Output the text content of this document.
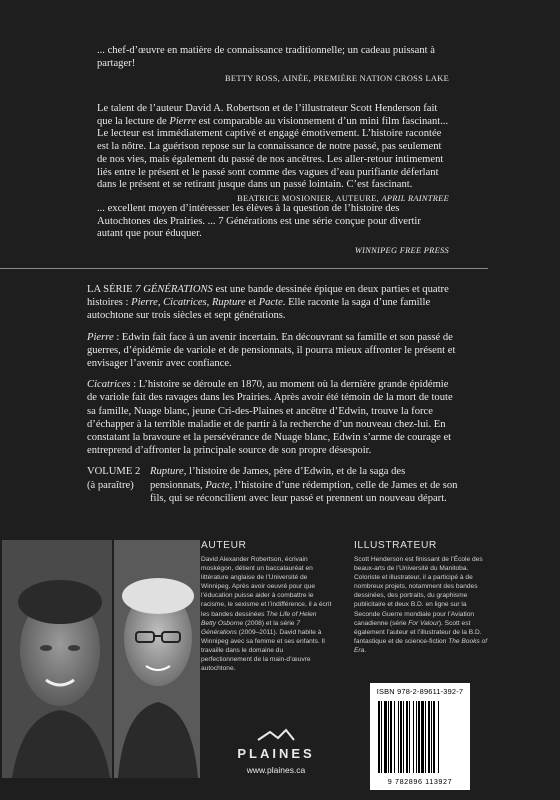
... chef-d’œuvre en matière de connaissance traditionnelle; un cadeau puissant à partager!

BETTY ROSS, AINÉE, PREMIÈRE NATION CROSS LAKE

Le talent de l’auteur David A. Robertson et de l’illustrateur Scott Henderson fait que la lecture de Pierre est comparable au visionnement d’un mini film fascinant... Le lecteur est immédiatement captivé et engagé émotivement. L’histoire racontée est la nôtre. La guérison repose sur la connaissance de notre passé, pas seulement de nos vies, mais également du passé de nos ancêtres. Les aller-retour intimement liés entre le présent et le passé sont comme des vagues d’eau purifiante déferlant dans le présent et se retirant jusque dans un passé lointain. C’est fascinant.

BEATRICE MOSIONIER, AUTEURE, APRIL RAINTREE

... excellent moyen d’intéresser les élèves à la question de l’histoire des Autochtones des Prairies. ... 7 Générations est une série conçue pour divertir autant que pour éduquer.

WINNIPEG FREE PRESS

LA SÉRIE 7 GÉNÉRATIONS est une bande dessinée épique en deux parties et quatre histoires : Pierre, Cicatrices, Rupture et Pacte. Elle raconte la saga d’une famille autochtone sur trois siècles et sept générations.

Pierre : Edwin fait face à un avenir incertain. En découvrant sa famille et son passé de guerres, d’épidémie de variole et de pensionnats, il pourra mieux affronter le présent et envisager l’avenir avec confiance.

Cicatrices : L’histoire se déroule en 1870, au moment où la dernière grande épidémie de variole fait des ravages dans les Prairies. Après avoir été témoin de la mort de toute sa famille, Nuage blanc, jeune Cri-des-Plaines et ancêtre d’Edwin, trouve la force d’échapper à la terrible maladie et de partir à la recherche d’un nouveau chez-lui. En constatant la bravoure et la persévérance de Nuage blanc, Edwin s’arme de courage et entreprend d’affronter la principale source de son propre désespoir.

VOLUME 2

(à paraître)

Rupture, l’histoire de James, père d’Edwin, et de la saga des pensionnats, Pacte, l’histoire d’une rédemption, celle de James et de son fils, qui se réconcilient avec leur passé et prennent un nouveau départ.

AUTEUR

David Alexander Robertson, écrivain moskégon, détient un baccalauréat en littérature anglaise de l’Université de Winnipeg. Après avoir oeuvré pour que l’éducation puisse aider à combattre le racisme, le sexisme et l’indifférence, il a écrit les bandes dessinées The Life of Helen Betty Osborne (2008) et la série 7 Générations (2009–2011). David habite à Winnipeg avec sa femme et ses enfants. Il travaille dans le domaine du perfectionnement de la main-d’œuvre autochtone.

ILLUSTRATEUR

Scott Henderson est finissant de l’École des beaux-arts de l’Université du Manitoba. Coloriste et illustrateur, il a participé à de nombreux projets, notamment des bandes dessinées, des portraits, du graphisme publicitaire et deux B.D. en ligne sur la Seconde Guerre mondiale pour l’Aviation canadienne (série For Valour). Scott est également l’auteur et l’illustrateur de la B.D. fantastique et de science-fiction The Books of Era.

PLAINES
www.plaines.ca
ISBN 978-2-89611-392-7
9 782896 113927
